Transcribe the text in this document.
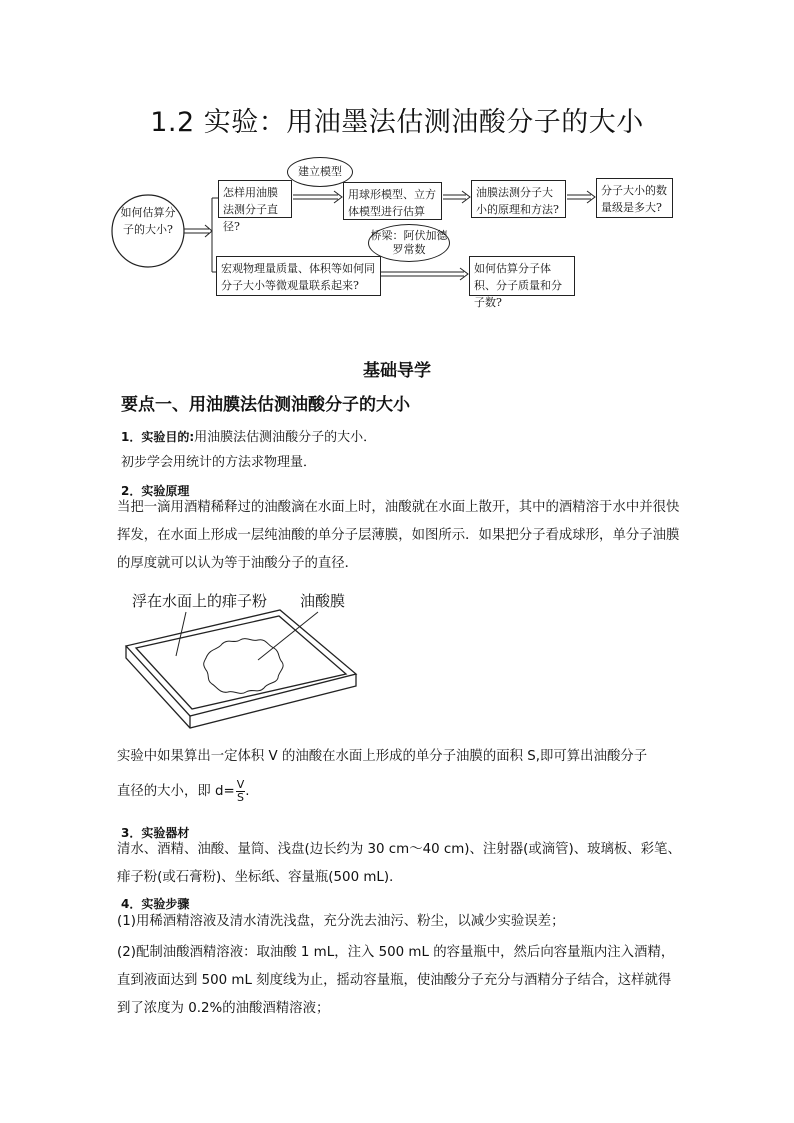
1.2 实验：用油墨法估测油酸分子的大小
建立模型
桥梁：阿伏加德罗常数
如何估算分子的大小?
怎样用油膜法测分子直径?
用球形模型、立方体模型进行估算
油膜法测分子大小的原理和方法?
分子大小的数量级是多大?
宏观物理量质量、体积等如何同分子大小等微观量联系起来?
如何估算分子体积、分子质量和分子数?
基础导学
要点一、用油膜法估测油酸分子的大小
1．实验目的:用油膜法估测油酸分子的大小．
初步学会用统计的方法求物理量．
2．实验原理
当把一滴用酒精稀释过的油酸滴在水面上时，油酸就在水面上散开，其中的酒精溶于水中并很快挥发，在水面上形成一层纯油酸的单分子层薄膜，如图所示．如果把分子看成球形，单分子油膜的厚度就可以认为等于油酸分子的直径．
浮在水面上的痱子粉 油酸膜
实验中如果算出一定体积 V 的油酸在水面上形成的单分子油膜的面积 S,即可算出油酸分子
直径的大小，即 $d= \frac{V}{S}$ .
3．实验器材
清水、酒精、油酸、量筒、浅盘(边长约为 30 cm～40 cm)、注射器(或滴管)、玻璃板、彩笔、痱子粉(或石膏粉)、坐标纸、容量瓶(500 mL)．
4．实验步骤
(1)用稀酒精溶液及清水清洗浅盘，充分洗去油污、粉尘，以减少实验误差；
(2)配制油酸酒精溶液：取油酸 1 mL，注入 500 mL 的容量瓶中，然后向容量瓶内注入酒精，直到液面达到 500 mL 刻度线为止，摇动容量瓶，使油酸分子充分与酒精分子结合，这样就得到了浓度为 0.2%的油酸酒精溶液；
